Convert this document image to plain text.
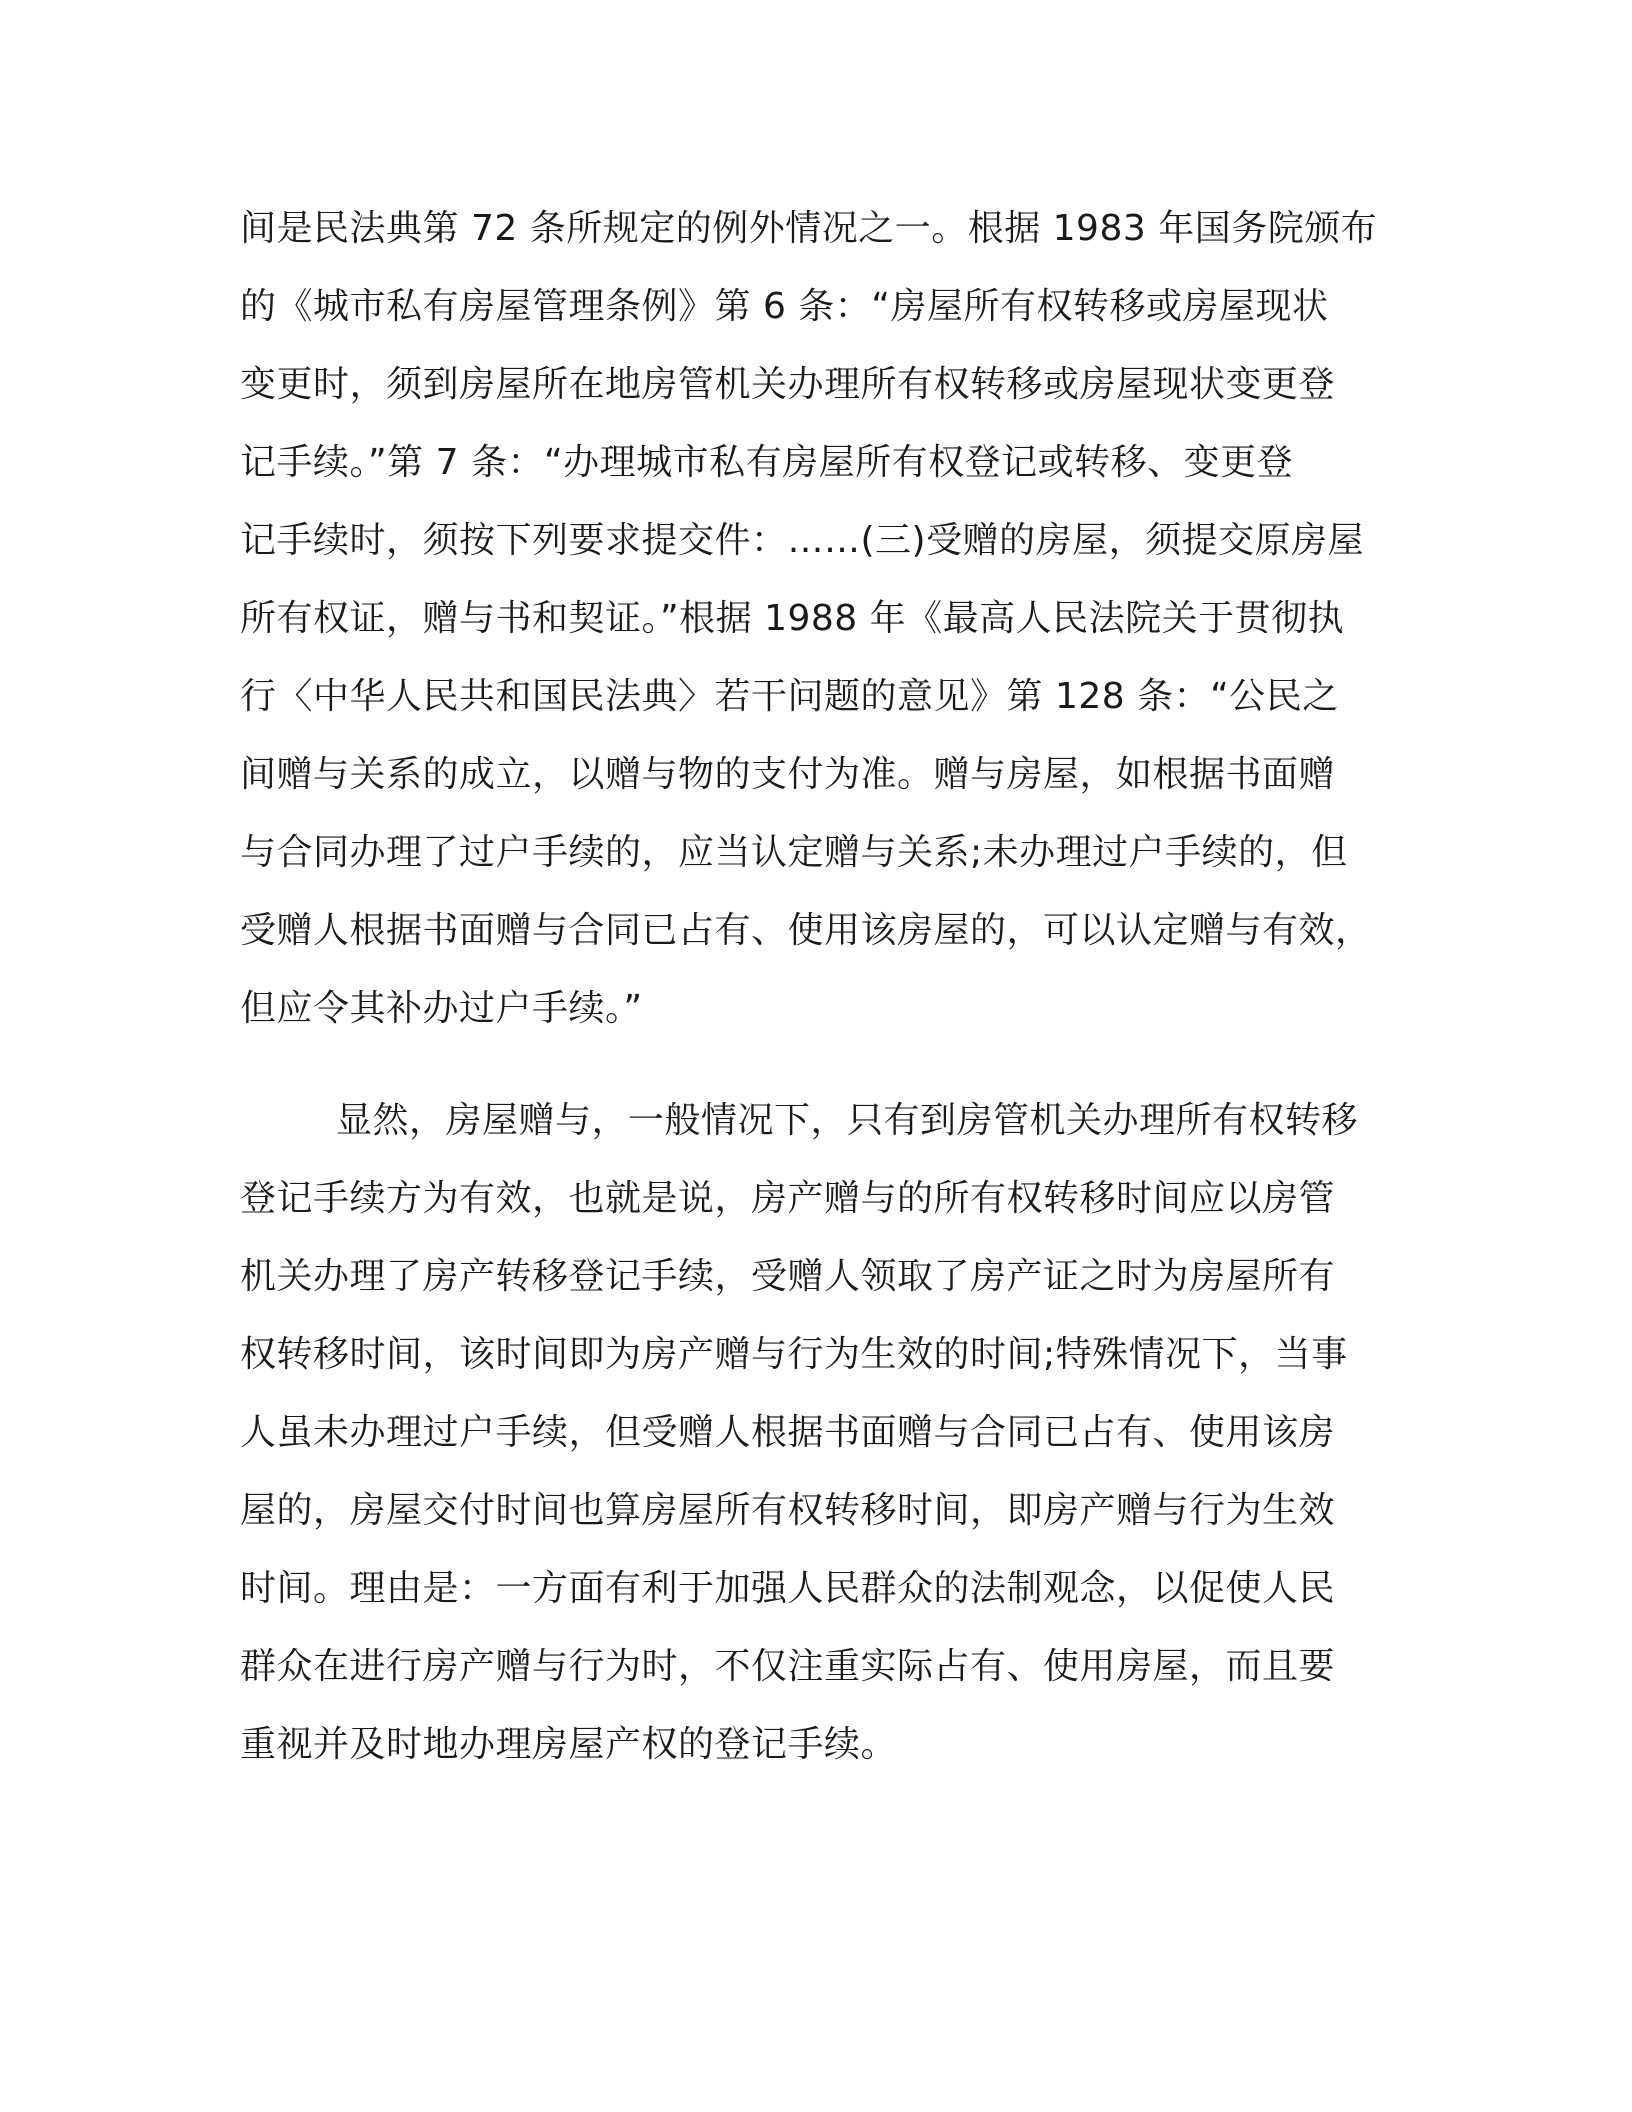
间是民法典第 72 条所规定的例外情况之一。根据 1983 年国务院颁布
的《城市私有房屋管理条例》第 6 条：“房屋所有权转移或房屋现状
变更时，须到房屋所在地房管机关办理所有权转移或房屋现状变更登
记手续。”第 7 条：“办理城市私有房屋所有权登记或转移、变更登
记手续时，须按下列要求提交件：……(三)受赠的房屋，须提交原房屋
所有权证，赠与书和契证。”根据 1988 年《最高人民法院关于贯彻执
行〈中华人民共和国民法典〉若干问题的意见》第 128 条：“公民之
间赠与关系的成立，以赠与物的支付为准。赠与房屋，如根据书面赠
与合同办理了过户手续的，应当认定赠与关系;未办理过户手续的，但
受赠人根据书面赠与合同已占有、使用该房屋的，可以认定赠与有效，
但应令其补办过户手续。”

显然，房屋赠与，一般情况下，只有到房管机关办理所有权转移
登记手续方为有效，也就是说，房产赠与的所有权转移时间应以房管
机关办理了房产转移登记手续，受赠人领取了房产证之时为房屋所有
权转移时间，该时间即为房产赠与行为生效的时间;特殊情况下，当事
人虽未办理过户手续，但受赠人根据书面赠与合同已占有、使用该房
屋的，房屋交付时间也算房屋所有权转移时间，即房产赠与行为生效
时间。理由是：一方面有利于加强人民群众的法制观念，以促使人民
群众在进行房产赠与行为时，不仅注重实际占有、使用房屋，而且要
重视并及时地办理房屋产权的登记手续。
